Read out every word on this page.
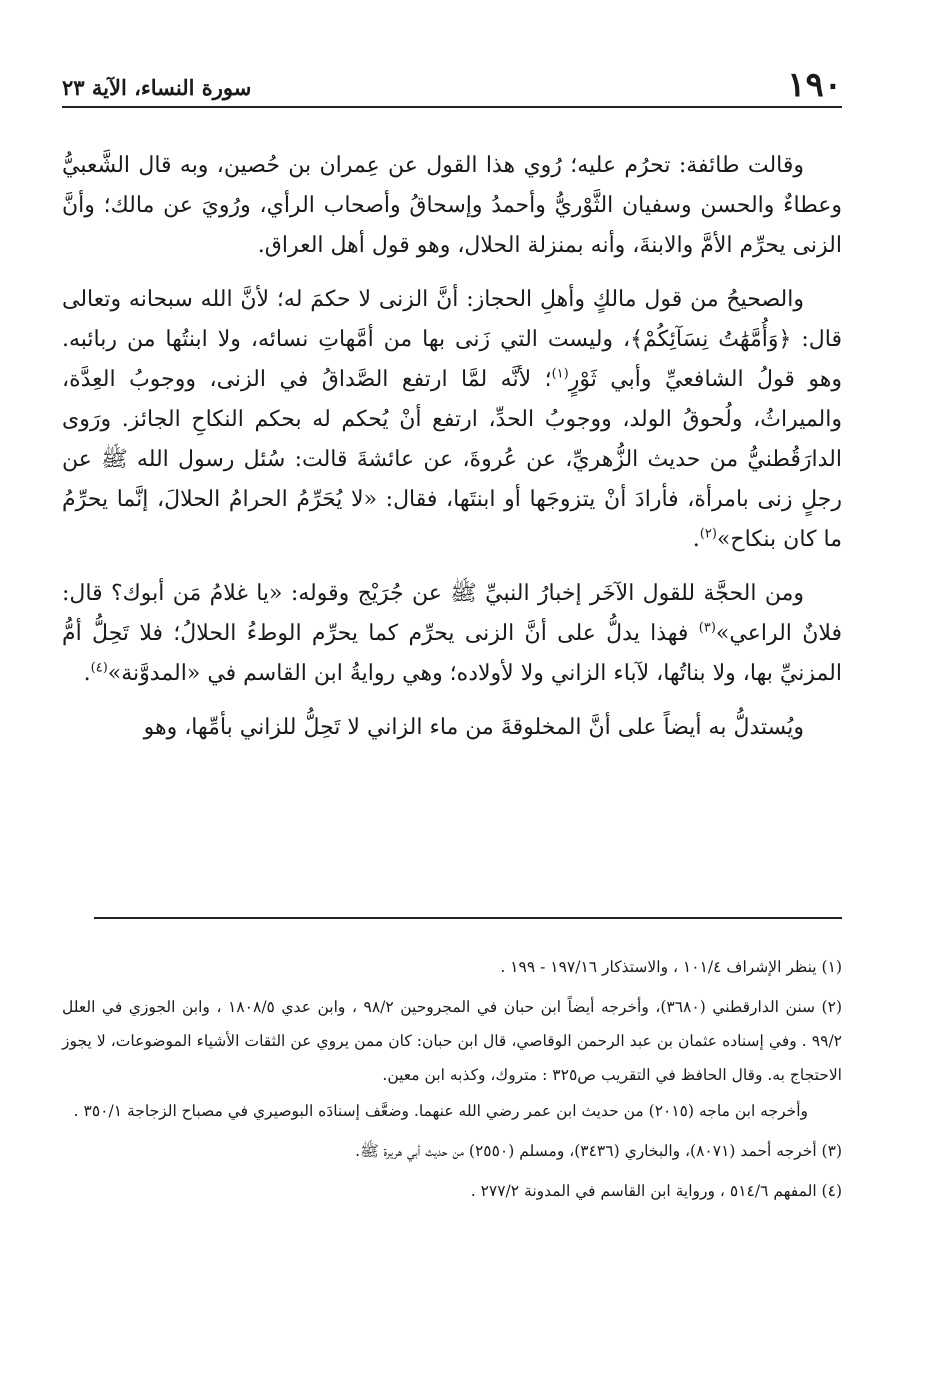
١٩٠
سورة النساء، الآية ٢٣

وقالت طائفة: تحرُم عليه؛ رُوي هذا القول عن عِمران بن حُصين، وبه قال الشَّعبيُّ وعطاءٌ والحسن وسفيان الثَّوْريُّ وأحمدُ وإسحاقُ وأصحاب الرأي، ورُويَ عن مالك؛ وأنَّ الزنى يحرِّم الأمَّ والابنةَ، وأنه بمنزلة الحلال، وهو قول أهل العراق.

والصحيحُ من قول مالكٍ وأهلِ الحجاز: أنَّ الزنى لا حكمَ له؛ لأنَّ الله سبحانه وتعالى قال: ﴿وَأُمَّهَٰتُ نِسَآئِكُمْ﴾، وليست التي زَنى بها من أمَّهاتِ نسائه، ولا ابنتُها من ربائبه. وهو قولُ الشافعيِّ وأبي ثَوْرٍ$^{(١)}$؛ لأنَّه لمَّا ارتفع الصَّداقُ في الزنى، ووجوبُ العِدَّة، والميراثُ، ولُحوقُ الولد، ووجوبُ الحدِّ، ارتفع أنْ يُحكم له بحكم النكاحِ الجائز. ورَوى الدارَقُطنيُّ من حديث الزُّهريِّ، عن عُروةَ، عن عائشةَ قالت: سُئل رسول الله ﷺ عن رجلٍ زنى بامرأة، فأرادَ أنْ يتزوجَها أو ابنتَها، فقال: «لا يُحَرِّمُ الحرامُ الحلالَ، إنَّما يحرِّمُ ما كان بنكاح»$^{(٢)}$.

ومن الحجَّة للقول الآخَر إخبارُ النبيِّ ﷺ عن جُرَيْج وقوله: «يا غلامُ مَن أبوك؟ قال: فلانٌ الراعي»$^{(٣)}$ فهذا يدلُّ على أنَّ الزنى يحرِّم كما يحرِّم الوطءُ الحلالُ؛ فلا تَحِلُّ أمُّ المزنيِّ بها، ولا بناتُها، لآباء الزاني ولا لأولاده؛ وهي روايةُ ابن القاسم في «المدوَّنة»$^{(٤)}$.

ويُستدلُّ به أيضاً على أنَّ المخلوقةَ من ماء الزاني لا تَحِلُّ للزاني بأمِّها، وهو

(١) ينظر الإشراف ١٠١/٤ ، والاستذكار ١٩٧/١٦ - ١٩٩ .
(٢) سنن الدارقطني (٣٦٨٠)، وأخرجه أيضاً ابن حبان في المجروحين ٩٨/٢ ، وابن عدي ١٨٠٨/٥ ، وابن الجوزي في العلل ٩٩/٢ . وفي إسناده عثمان بن عبد الرحمن الوقاصي، قال ابن حبان: كان ممن يروي عن الثقات الأشياء الموضوعات، لا يجوز الاحتجاج به. وقال الحافظ في التقريب ص٣٢٥ : متروك، وكذبه ابن معين.
وأخرجه ابن ماجه (٢٠١٥) من حديث ابن عمر رضي الله عنهما. وضعَّف إسنادَه البوصيري في مصباح الزجاجة ٣٥٠/١ .
(٣) أخرجه أحمد (٨٠٧١)، والبخاري (٣٤٣٦)، ومسلم (٢٥٥٠) من حديث أبي هريرة ﷺ.
(٤) المفهم ٥١٤/٦ ، ورواية ابن القاسم في المدونة ٢٧٧/٢ .
